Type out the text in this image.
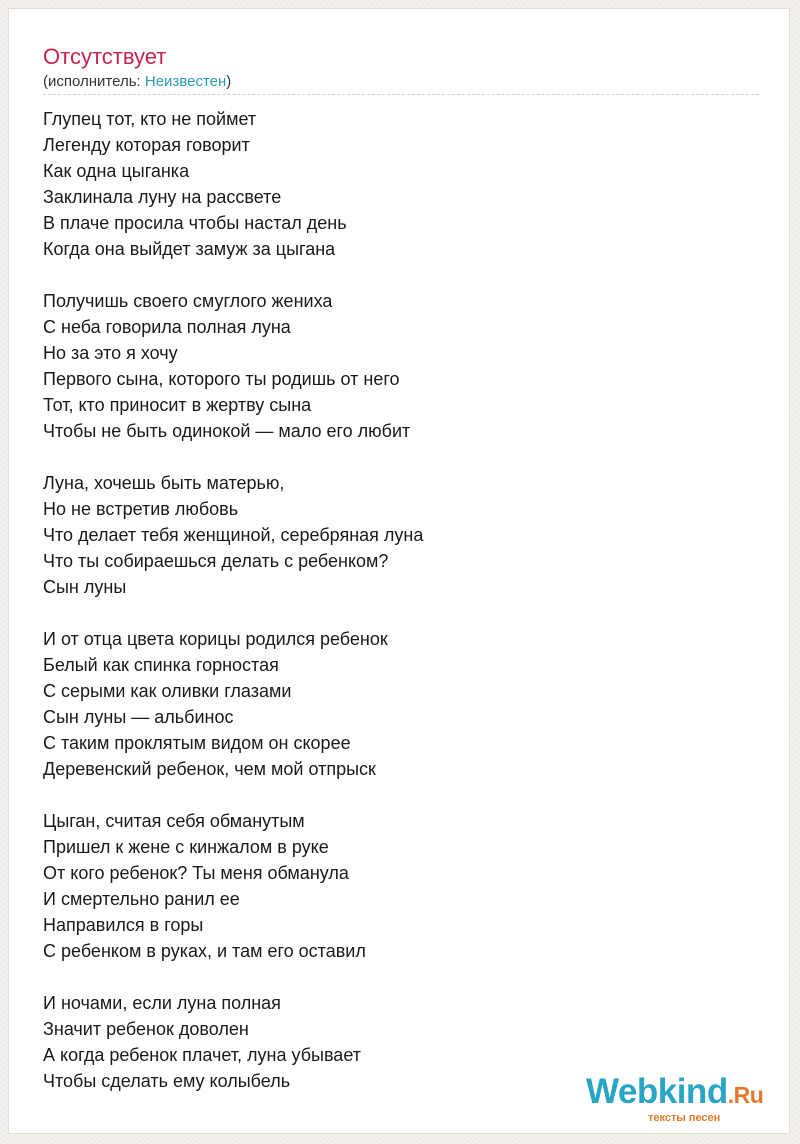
Отсутствует
(исполнитель: Неизвестен)
Глупец тот, кто не поймет
Легенду которая говорит
Как одна цыганка
Заклинала луну на рассвете
В плаче просила чтобы настал день
Когда она выйдет замуж за цыгана
Получишь своего смуглого жениха
С неба говорила полная луна
Но за это я хочу
Первого сына, которого ты родишь от него
Тот, кто приносит в жертву сына
Чтобы не быть одинокой — мало его любит
Луна, хочешь быть матерью,
Но не встретив любовь
Что делает тебя женщиной, серебряная луна
Что ты собираешься делать с ребенком?
Сын луны
И от отца цвета корицы родился ребенок
Белый как спинка горностая
С серыми как оливки глазами
Сын луны — альбинос
С таким проклятым видом он скорее
Деревенский ребенок, чем мой отпрыск
Цыган, считая себя обманутым
Пришел к жене с кинжалом в руке
От кого ребенок? Ты меня обманула
И смертельно ранил ее
Направился в горы
С ребенком в руках, и там его оставил
И ночами, если луна полная
Значит ребенок доволен
А когда ребенок плачет, луна убывает
Чтобы сделать ему колыбель	Webkind.Ru
тексты песен
